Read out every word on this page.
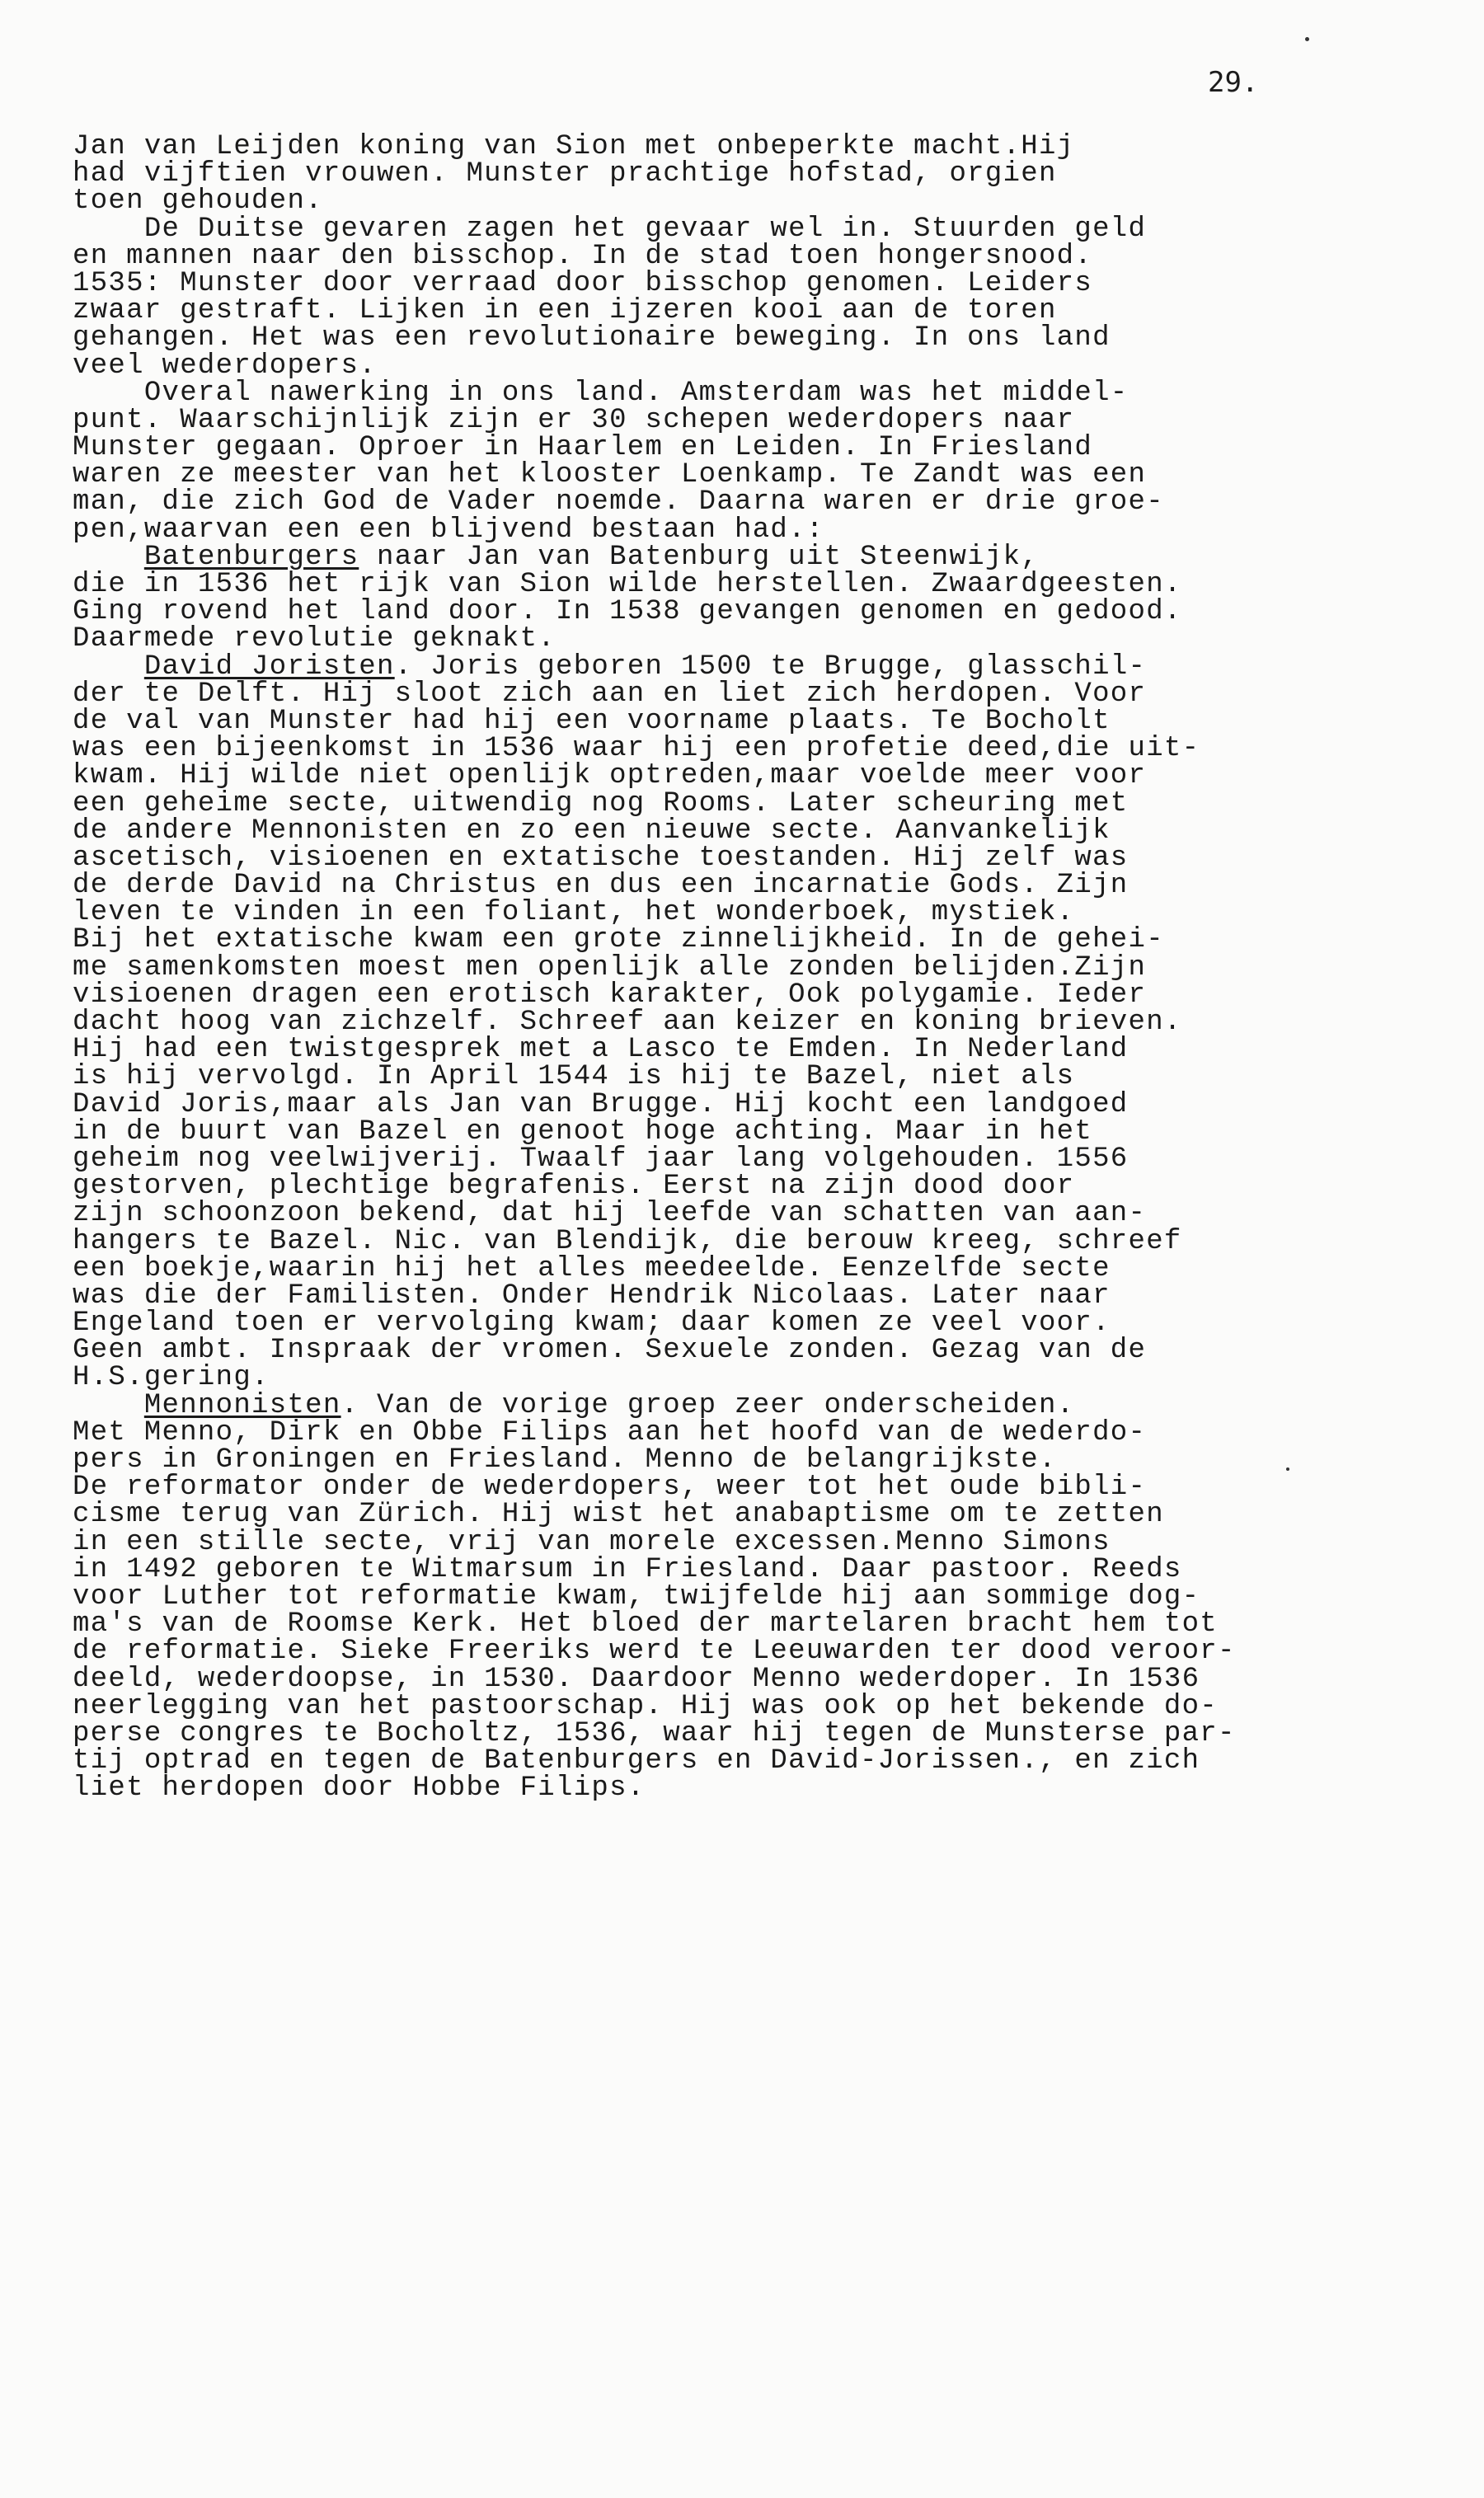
29.
Jan van Leijden koning van Sion met onbeperkte macht.Hij
had vijftien vrouwen. Munster prachtige hofstad, orgien
toen gehouden.
De Duitse gevaren zagen het gevaar wel in. Stuurden geld
en mannen naar den bisschop. In de stad toen hongersnood.
1535: Munster door verraad door bisschop genomen. Leiders
zwaar gestraft. Lijken in een ijzeren kooi aan de toren
gehangen. Het was een revolutionaire beweging. In ons land
veel wederdopers.
Overal nawerking in ons land. Amsterdam was het middel-
punt. Waarschijnlijk zijn er 30 schepen wederdopers naar
Munster gegaan. Oproer in Haarlem en Leiden. In Friesland
waren ze meester van het klooster Loenkamp. Te Zandt was een
man, die zich God de Vader noemde. Daarna waren er drie groe-
pen,waarvan een een blijvend bestaan had.:
Batenburgers naar Jan van Batenburg uit Steenwijk,
die in 1536 het rijk van Sion wilde herstellen. Zwaardgeesten.
Ging rovend het land door. In 1538 gevangen genomen en gedood.
Daarmede revolutie geknakt.
David Joristen. Joris geboren 1500 te Brugge, glasschil-
der te Delft. Hij sloot zich aan en liet zich herdopen. Voor
de val van Munster had hij een voorname plaats. Te Bocholt
was een bijeenkomst in 1536 waar hij een profetie deed,die uit-
kwam. Hij wilde niet openlijk optreden,maar voelde meer voor
een geheime secte, uitwendig nog Rooms. Later scheuring met
de andere Mennonisten en zo een nieuwe secte. Aanvankelijk
ascetisch, visioenen en extatische toestanden. Hij zelf was
de derde David na Christus en dus een incarnatie Gods. Zijn
leven te vinden in een foliant, het wonderboek, mystiek.
Bij het extatische kwam een grote zinnelijkheid. In de gehei-
me samenkomsten moest men openlijk alle zonden belijden.Zijn
visioenen dragen een erotisch karakter, Ook polygamie. Ieder
dacht hoog van zichzelf. Schreef aan keizer en koning brieven.
Hij had een twistgesprek met a Lasco te Emden. In Nederland
is hij vervolgd. In April 1544 is hij te Bazel, niet als
David Joris,maar als Jan van Brugge. Hij kocht een landgoed
in de buurt van Bazel en genoot hoge achting. Maar in het
geheim nog veelwijverij. Twaalf jaar lang volgehouden. 1556
gestorven, plechtige begrafenis. Eerst na zijn dood door
zijn schoonzoon bekend, dat hij leefde van schatten van aan-
hangers te Bazel. Nic. van Blendijk, die berouw kreeg, schreef
een boekje,waarin hij het alles meedeelde. Eenzelfde secte
was die der Familisten. Onder Hendrik Nicolaas. Later naar
Engeland toen er vervolging kwam; daar komen ze veel voor.
Geen ambt. Inspraak der vromen. Sexuele zonden. Gezag van de
H.S.gering.
Mennonisten. Van de vorige groep zeer onderscheiden.
Met Menno, Dirk en Obbe Filips aan het hoofd van de wederdo-
pers in Groningen en Friesland. Menno de belangrijkste.
De reformator onder de wederdopers, weer tot het oude bibli-
cisme terug van Zürich. Hij wist het anabaptisme om te zetten
in een stille secte, vrij van morele excessen.Menno Simons
in 1492 geboren te Witmarsum in Friesland. Daar pastoor. Reeds
voor Luther tot reformatie kwam, twijfelde hij aan sommige dog-
ma's van de Roomse Kerk. Het bloed der martelaren bracht hem tot
de reformatie. Sieke Freeriks werd te Leeuwarden ter dood veroor-
deeld, wederdoopse, in 1530. Daardoor Menno wederdoper. In 1536
neerlegging van het pastoorschap. Hij was ook op het bekende do-
perse congres te Bocholtz, 1536, waar hij tegen de Munsterse par-
tij optrad en tegen de Batenburgers en David-Jorissen., en zich
liet herdopen door Hobbe Filips.
